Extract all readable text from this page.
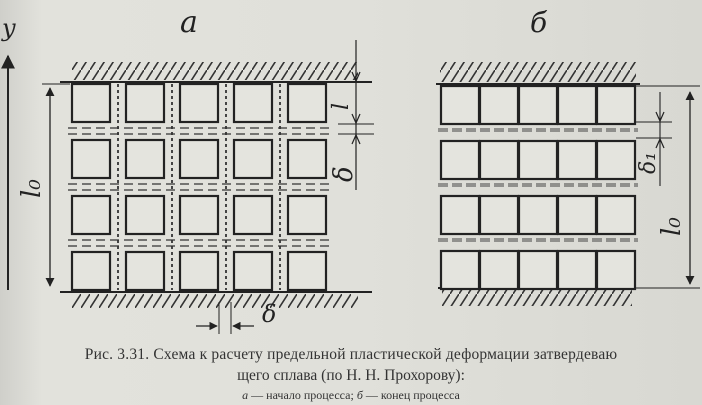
y	а
l₀
l
δ
δ
б
δ₁
l₀
Рис. 3.31. Схема к расчету предельной пластической деформации затвердеваю
щего сплава (по Н. Н. Прохорову):
а — начало процесса; б — конец процесса
